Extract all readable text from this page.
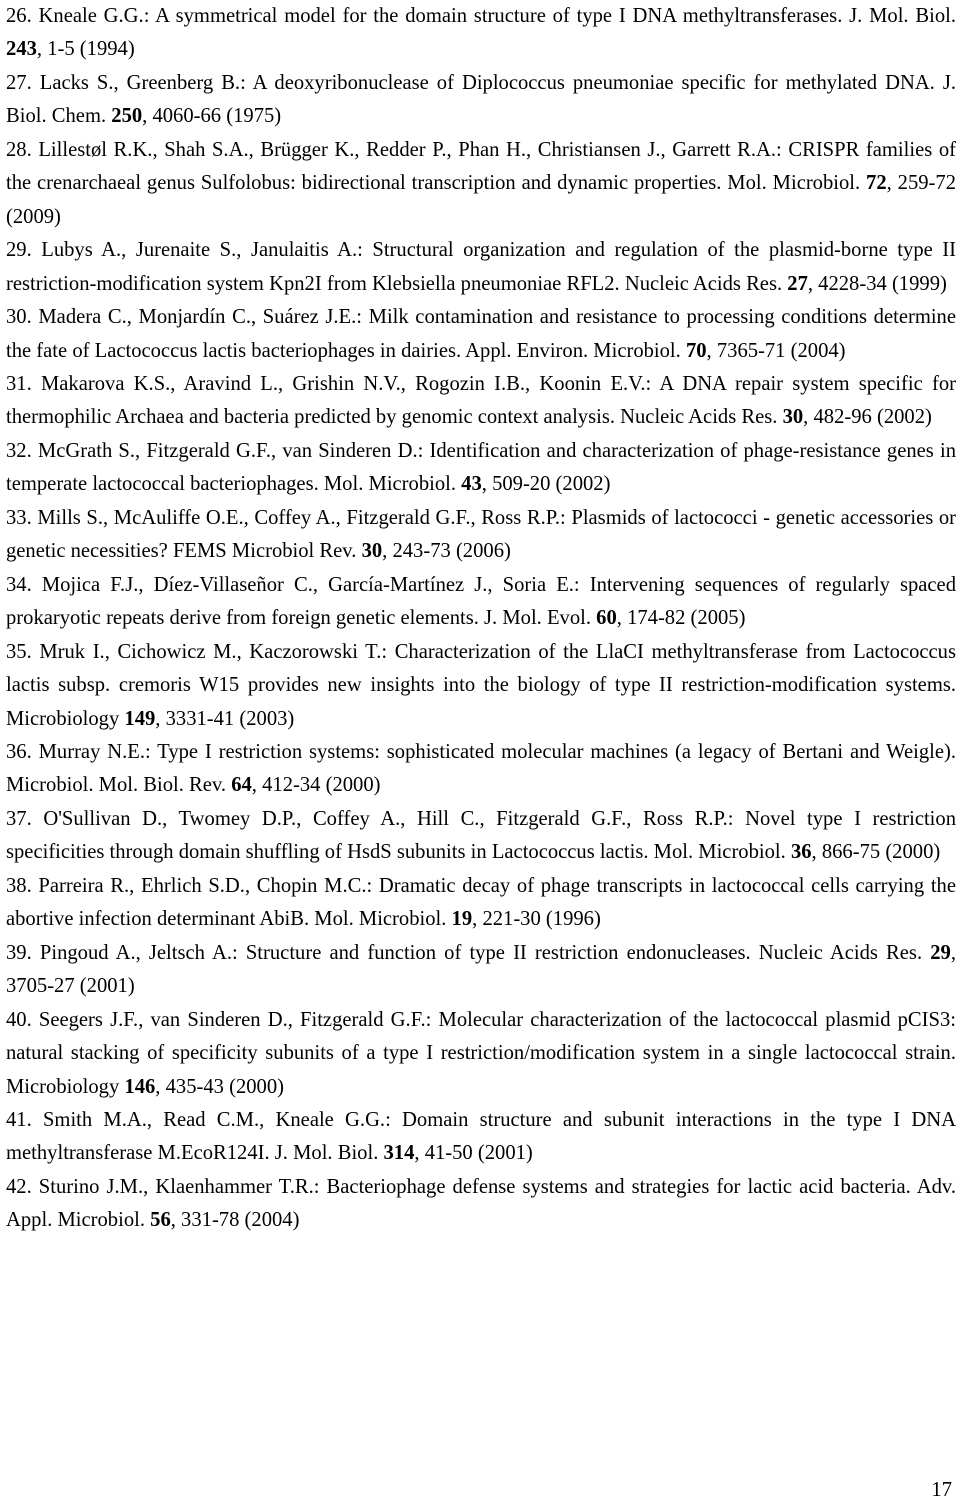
26. Kneale G.G.: A symmetrical model for the domain structure of type I DNA methyltransferases. J. Mol. Biol. 243, 1-5 (1994)

27. Lacks S., Greenberg B.: A deoxyribonuclease of Diplococcus pneumoniae specific for methylated DNA. J. Biol. Chem. 250, 4060-66 (1975)

28. Lillestøl R.K., Shah S.A., Brügger K., Redder P., Phan H., Christiansen J., Garrett R.A.: CRISPR families of the crenarchaeal genus Sulfolobus: bidirectional transcription and dynamic properties. Mol. Microbiol. 72, 259-72 (2009)

29. Lubys A., Jurenaite S., Janulaitis A.: Structural organization and regulation of the plasmid-borne type II restriction-modification system Kpn2I from Klebsiella pneumoniae RFL2. Nucleic Acids Res. 27, 4228-34 (1999)

30. Madera C., Monjardín C., Suárez J.E.: Milk contamination and resistance to processing conditions determine the fate of Lactococcus lactis bacteriophages in dairies. Appl. Environ. Microbiol. 70, 7365-71 (2004)

31. Makarova K.S., Aravind L., Grishin N.V., Rogozin I.B., Koonin E.V.: A DNA repair system specific for thermophilic Archaea and bacteria predicted by genomic context analysis. Nucleic Acids Res. 30, 482-96 (2002)

32. McGrath S., Fitzgerald G.F., van Sinderen D.: Identification and characterization of phage-resistance genes in temperate lactococcal bacteriophages. Mol. Microbiol. 43, 509-20 (2002)

33. Mills S., McAuliffe O.E., Coffey A., Fitzgerald G.F., Ross R.P.: Plasmids of lactococci - genetic accessories or genetic necessities? FEMS Microbiol Rev. 30, 243-73 (2006)

34. Mojica F.J., Díez-Villaseñor C., García-Martínez J., Soria E.: Intervening sequences of regularly spaced prokaryotic repeats derive from foreign genetic elements. J. Mol. Evol. 60, 174-82 (2005)

35. Mruk I., Cichowicz M., Kaczorowski T.: Characterization of the LlaCI methyltransferase from Lactococcus lactis subsp. cremoris W15 provides new insights into the biology of type II restriction-modification systems. Microbiology 149, 3331-41 (2003)

36. Murray N.E.: Type I restriction systems: sophisticated molecular machines (a legacy of Bertani and Weigle). Microbiol. Mol. Biol. Rev. 64, 412-34 (2000)

37. O'Sullivan D., Twomey D.P., Coffey A., Hill C., Fitzgerald G.F., Ross R.P.: Novel type I restriction specificities through domain shuffling of HsdS subunits in Lactococcus lactis. Mol. Microbiol. 36, 866-75 (2000)

38. Parreira R., Ehrlich S.D., Chopin M.C.: Dramatic decay of phage transcripts in lactococcal cells carrying the abortive infection determinant AbiB. Mol. Microbiol. 19, 221-30 (1996)

39. Pingoud A., Jeltsch A.: Structure and function of type II restriction endonucleases. Nucleic Acids Res. 29, 3705-27 (2001)

40. Seegers J.F., van Sinderen D., Fitzgerald G.F.: Molecular characterization of the lactococcal plasmid pCIS3: natural stacking of specificity subunits of a type I restriction/modification system in a single lactococcal strain. Microbiology 146, 435-43 (2000)

41. Smith M.A., Read C.M., Kneale G.G.: Domain structure and subunit interactions in the type I DNA methyltransferase M.EcoR124I. J. Mol. Biol. 314, 41-50 (2001)

42. Sturino J.M., Klaenhammer T.R.: Bacteriophage defense systems and strategies for lactic acid bacteria. Adv. Appl. Microbiol. 56, 331-78 (2004)

17
